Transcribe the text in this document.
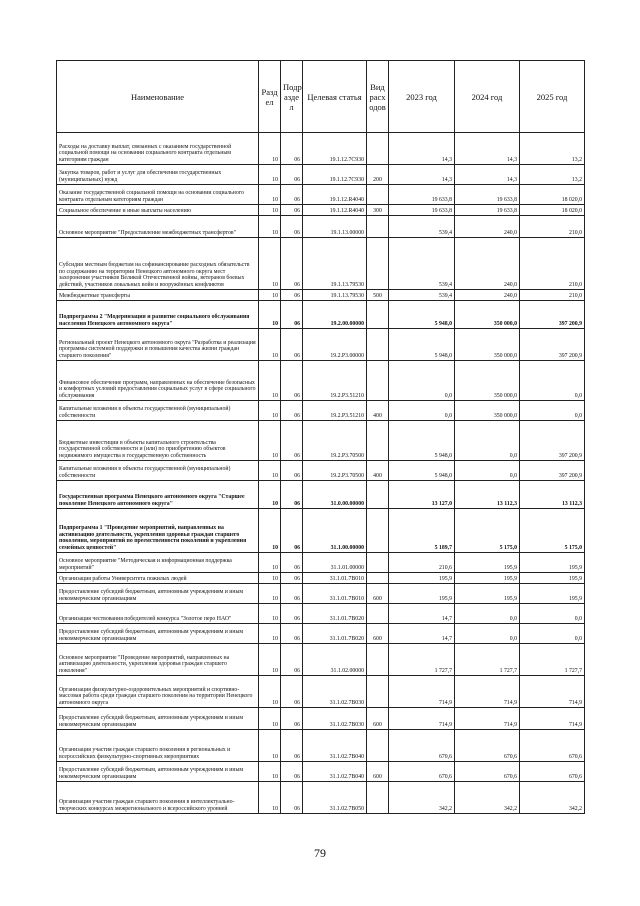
Наименование	Разд ел	Подр азде л	Целевая статья	Вид расх одов	2023 год	2024 год	2025 год
Расходы на доставку выплат, связанных с оказанием государственной социальной помощи на основании социального контракта отдельным категориям граждан	10	06	19.1.12.7С930		14,3	14,3	13,2
Закупка товаров, работ и услуг для обеспечения государственных (муниципальных) нужд	10	06	19.1.12.7С930	200	14,3	14,3	13,2
Оказание государственной социальной помощи на основании социального контракта отдельным категориям граждан	10	06	19.1.12.R4040		19 633,8	19 633,8	18 020,0
Социальное обеспечение и иные выплаты населению	10	06	19.1.12.R4040	300	19 633,8	19 633,8	18 020,0
Основное мероприятие "Предоставление межбюджетных трансфертов"	10	06	19.1.13.00000		539,4	240,0	210,0
Субсидии местным бюджетам на софинансирование расходных обязательств по содержанию на территории Ненецкого автономного округа мест захоронения участников Великой Отечественной войны, ветеранов боевых действий, участников локальных войн и вооружённых конфликтов	10	06	19.1.13.79530		539,4	240,0	210,0
Межбюджетные трансферты	10	06	19.1.13.79530	500	539,4	240,0	210,0
Подпрограмма 2 "Модернизация и развитие социального обслуживания населения Ненецкого автономного округа"	10	06	19.2.00.00000		5 948,0	350 000,0	397 200,9
Региональный проект Ненецкого автономного округа "Разработка и реализация программы системной поддержки и повышения качества жизни граждан старшего поколения"	10	06	19.2.P3.00000		5 948,0	350 000,0	397 200,9
Финансовое обеспечение программ, направленных на обеспечение безопасных и комфортных условий предоставления социальных услуг в сфере социального обслуживания	10	06	19.2.P3.51210		0,0	350 000,0	0,0
Капитальные вложения в объекты государственной (муниципальной) собственности	10	06	19.2.P3.51210	400	0,0	350 000,0	0,0
Бюджетные инвестиции в объекты капитального строительства государственной собственности и (или) по приобретению объектов недвижимого имущества в государственную собственность	10	06	19.2.P3.70500		5 948,0	0,0	397 200,9
Капитальные вложения в объекты государственной (муниципальной) собственности	10	06	19.2.P3.70500	400	5 948,0	0,0	397 200,9
Государственная программа Ненецкого автономного округа "Старшее поколение Ненецкого автономного округа"	10	06	31.0.00.00000		13 127,0	13 112,3	13 112,3
Подпрограмма 1 "Проведение мероприятий, направленных на активизацию деятельности, укрепления здоровья граждан старшего поколения, мероприятий по преемственности поколений и укрепления семейных ценностей"	10	06	31.1.00.00000		5 189,7	5 175,0	5 175,0
Основное мероприятие "Методическая и информационная поддержка мероприятий"	10	06	31.1.01.00000		210,6	195,9	195,9
Организация работы Университета пожилых людей	10	06	31.1.01.7В010		195,9	195,9	195,9
Предоставление субсидий бюджетным, автономным учреждениям и иным некоммерческим организациям	10	06	31.1.01.7В010	600	195,9	195,9	195,9
Организация чествования победителей конкурса "Золотое перо НАО"	10	06	31.1.01.7В020		14,7	0,0	0,0
Предоставление субсидий бюджетным, автономным учреждениям и иным некоммерческим организациям	10	06	31.1.01.7В020	600	14,7	0,0	0,0
Основное мероприятие "Проведение мероприятий, направленных на активизацию деятельности, укрепления здоровья граждан старшего поколения"	10	06	31.1.02.00000		1 727,7	1 727,7	1 727,7
Организация физкультурно-оздоровительных мероприятий и спортивно-массовая работа среди граждан старшего поколения на территории Ненецкого автономного округа	10	06	31.1.02.7В030		714,9	714,9	714,9
Предоставление субсидий бюджетным, автономным учреждениям и иным некоммерческим организациям	10	06	31.1.02.7В030	600	714,9	714,9	714,9
Организация участия граждан старшего поколения в региональных и всероссийских физкультурно-спортивных мероприятиях	10	06	31.1.02.7В040		670,6	670,6	670,6
Предоставление субсидий бюджетным, автономным учреждениям и иным некоммерческим организациям	10	06	31.1.02.7В040	600	670,6	670,6	670,6
Организация участия граждан старшего поколения в интеллектуально-творческих конкурсах межрегионального и всероссийского уровней	10	06	31.1.02.7В050		342,2	342,2	342,2
79
